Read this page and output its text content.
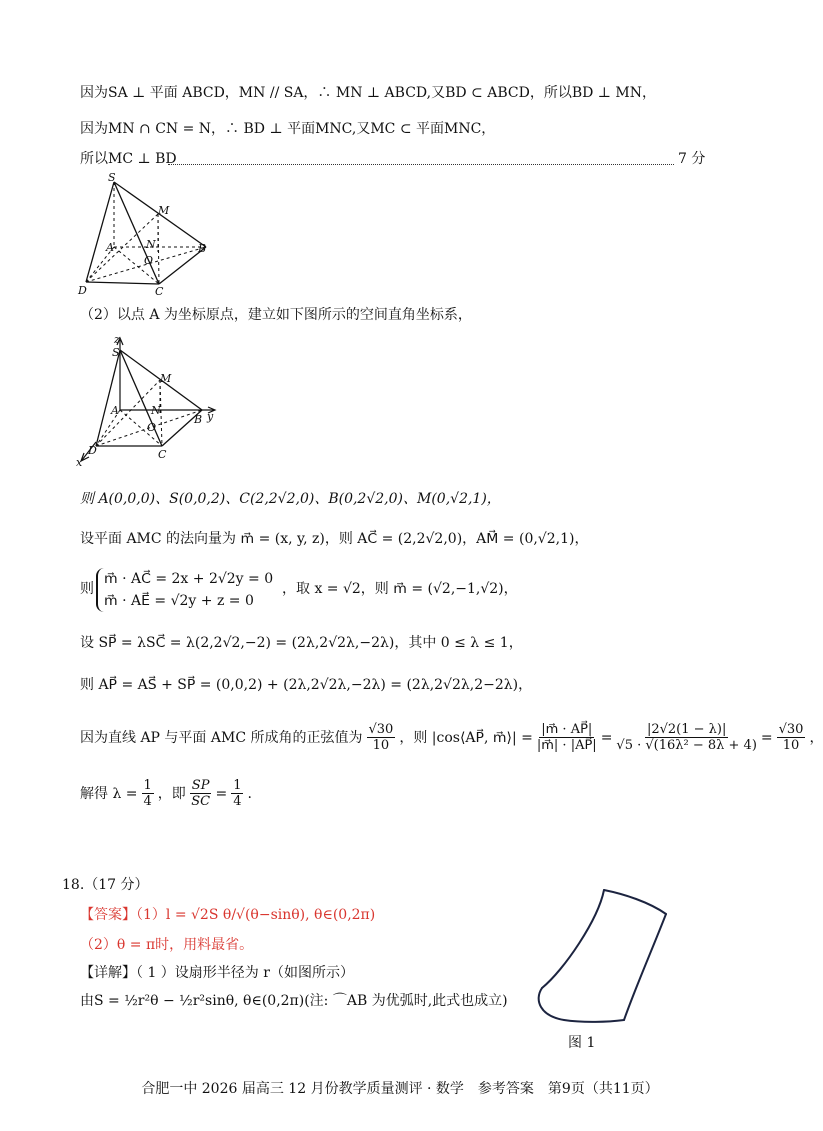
因为SA ⊥ 平面 ABCD，MN // SA，∴ MN ⊥ ABCD,又BD ⊂ ABCD，所以BD ⊥ MN，
因为MN ∩ CN = N，∴ BD ⊥ 平面MNC,又MC ⊂ 平面MNC，
所以MC ⊥ BD	7 分
S
M
A	N	B
O
D	C
（2）以点 A 为坐标原点，建立如下图所示的空间直角坐标系，
z
S
M
A	N	y
B
O
D	C
x
则 A(0,0,0)、S(0,0,2)、C(2,2√2,0)、B(0,2√2,0)、M(0,√2,1)，
设平面 AMC 的法向量为 m⃗ = (x, y, z)，则 AC⃗ = (2,2√2,0)，AM⃗ = (0,√2,1)，
则
m⃗ · AC⃗ = 2x + 2√2y = 0
m⃗ · AE⃗ = √2y + z = 0
，取 x = √2，则 m⃗ = (√2,−1,√2)，
设 SP⃗ = λSC⃗ = λ(2,2√2,−2) = (2λ,2√2λ,−2λ)，其中 0 ≤ λ ≤ 1，
则 AP⃗ = AS⃗ + SP⃗ = (0,0,2) + (2λ,2√2λ,−2λ) = (2λ,2√2λ,2−2λ)，
因为直线 AP 与平面 AMC 所成角的正弦值为 $\frac{√30}{10}$ ，则 |cos⟨AP⃗, m⃗⟩| = $\frac{|m⃗ \cdot AP⃗|}{|m⃗| \cdot |AP⃗|} = \frac{|2√2(1 - \lambda)|}{\text{√5 · √(16λ² − 8λ + 4)}} = \frac{√30}{10}$ ，
解得 $\lambda = \frac{1}{4}$ ，即 $\frac{SP}{SC} = \frac{1}{4}$ .
18.（17 分）
【答案】（1）l = √2S θ/√(θ−sinθ), θ∈(0,2π)
（2）θ = π时，用料最省。
【详解】（ 1 ）设扇形半径为 r（如图所示）
由S = ½r²θ − ½r²sinθ, θ∈(0,2π)(注: ⌒AB 为优弧时,此式也成立)
图 1
合肥一中 2026 届高三 12 月份教学质量测评 · 数学　参考答案　第9页（共11页）
